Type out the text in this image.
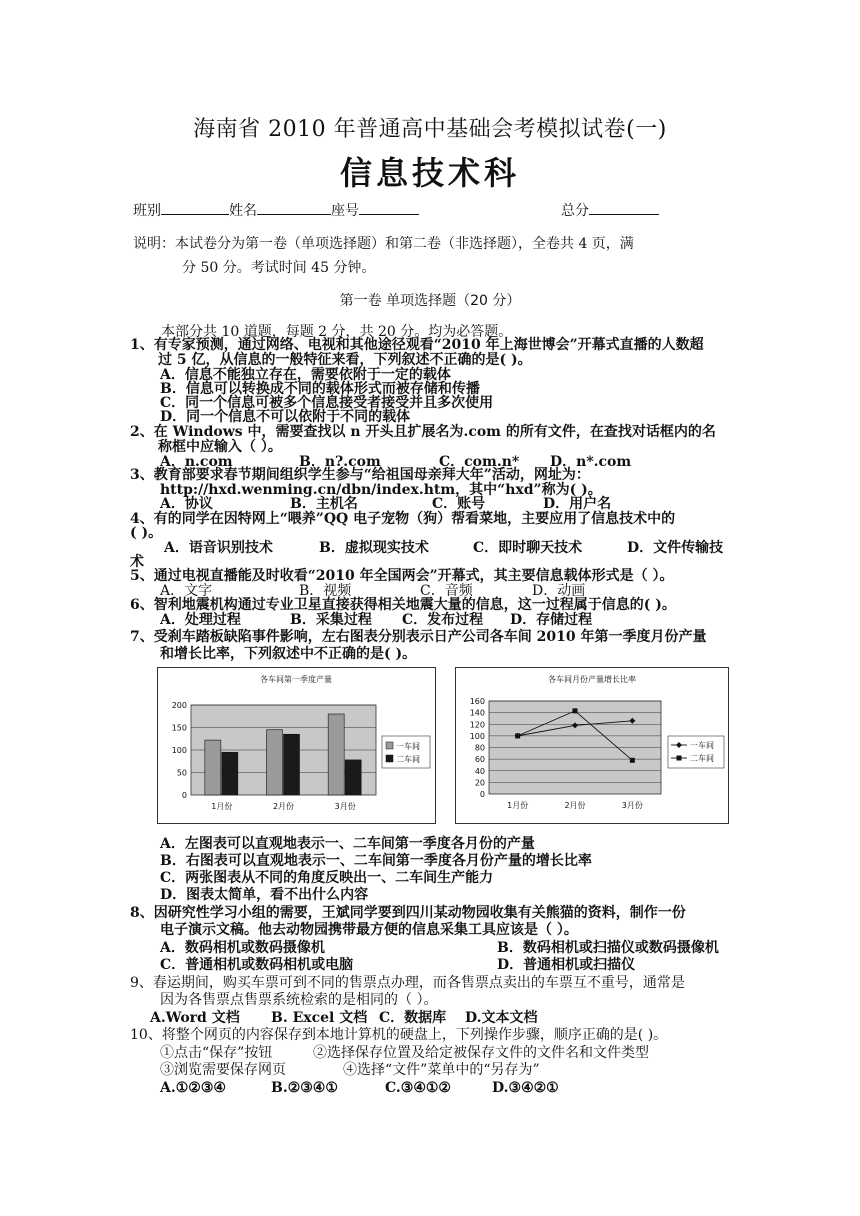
海南省 2010 年普通高中基础会考模拟试卷(一)
信息技术科
班别	姓名	座号	总分
说明：本试卷分为第一卷（单项选择题）和第二卷（非选择题），全卷共 4 页，满
分 50 分。考试时间 45 分钟。
第一卷 单项选择题（20 分）
本部分共 10 道题，每题 2 分，共 20 分。均为必答题。
1、有专家预测，通过网络、电视和其他途径观看“2010 年上海世博会”开幕式直播的人数超
过 5 亿，从信息的一般特征来看，下列叙述不正确的是( )。
A．信息不能独立存在，需要依附于一定的载体
B．信息可以转换成不同的载体形式而被存储和传播
C．同一个信息可被多个信息接受者接受并且多次使用
D．同一个信息不可以依附于不同的载体
2、在 Windows 中，需要查找以 n 开头且扩展名为.com 的所有文件，在查找对话框内的名
称框中应输入（ ）。
A．n.com	B．n?.com	C．com.n* D．n*.com
3、教育部要求春节期间组织学生参与“给祖国母亲拜大年”活动，网址为：
http://hxd.wenming.cn/dbn/index.htm，其中“hxd”称为( )。
A．协议	B．主机名	C．账号	D．用户名
4、有的同学在因特网上“喂养”QQ 电子宠物（狗）帮看菜地，主要应用了信息技术中的
( )。
A．语音识别技术	B．虚拟现实技术	C．即时聊天技术	D．文件传输技
术
5、通过电视直播能及时收看“2010 年全国两会”开幕式，其主要信息载体形式是（ ）。
A．文字	B．视频	C．音频	D．动画
6、智利地震机构通过专业卫星直接获得相关地震大量的信息，这一过程属于信息的( )。
A．处理过程	B．采集过程 C．发布过程 D．存储过程
7、受刹车踏板缺陷事件影响，左右图表分别表示日产公司各车间 2010 年第一季度月份产量
和增长比率，下列叙述中不正确的是( )。
各车间第一季度产量
0
50
100
150
200
1月份	2月份	3月份
一车间
二车间
各车间月份产量增长比率
0
20
40
60
80
100
120
140
160
1月份	2月份	3月份
一车间
二车间
A．左图表可以直观地表示一、二车间第一季度各月份的产量
B．右图表可以直观地表示一、二车间第一季度各月份产量的增长比率
C．两张图表从不同的角度反映出一、二车间生产能力
D．图表太简单，看不出什么内容
8、因研究性学习小组的需要，王斌同学要到四川某动物园收集有关熊猫的资料，制作一份
电子演示文稿。他去动物园携带最方便的信息采集工具应该是（ ）。
A．数码相机或数码摄像机	B．数码相机或扫描仪或数码摄像机
C．普通相机或数码相机或电脑	D．普通相机或扫描仪
9、春运期间，购买车票可到不同的售票点办理，而各售票点卖出的车票互不重号，通常是
因为各售票点售票系统检索的是相同的（ ）。
A.Word 文档 B. Excel 文档 C．数据库 D.文本文档
10、将整个网页的内容保存到本地计算机的硬盘上，下列操作步骤，顺序正确的是( )。
①点击“保存”按钮	②选择保存位置及给定被保存文件的文件名和文件类型
③浏览需要保存网页	④选择“文件”菜单中的“另存为”
A.①②③④	B.②③④①	C.③④①②	D.③④②①
